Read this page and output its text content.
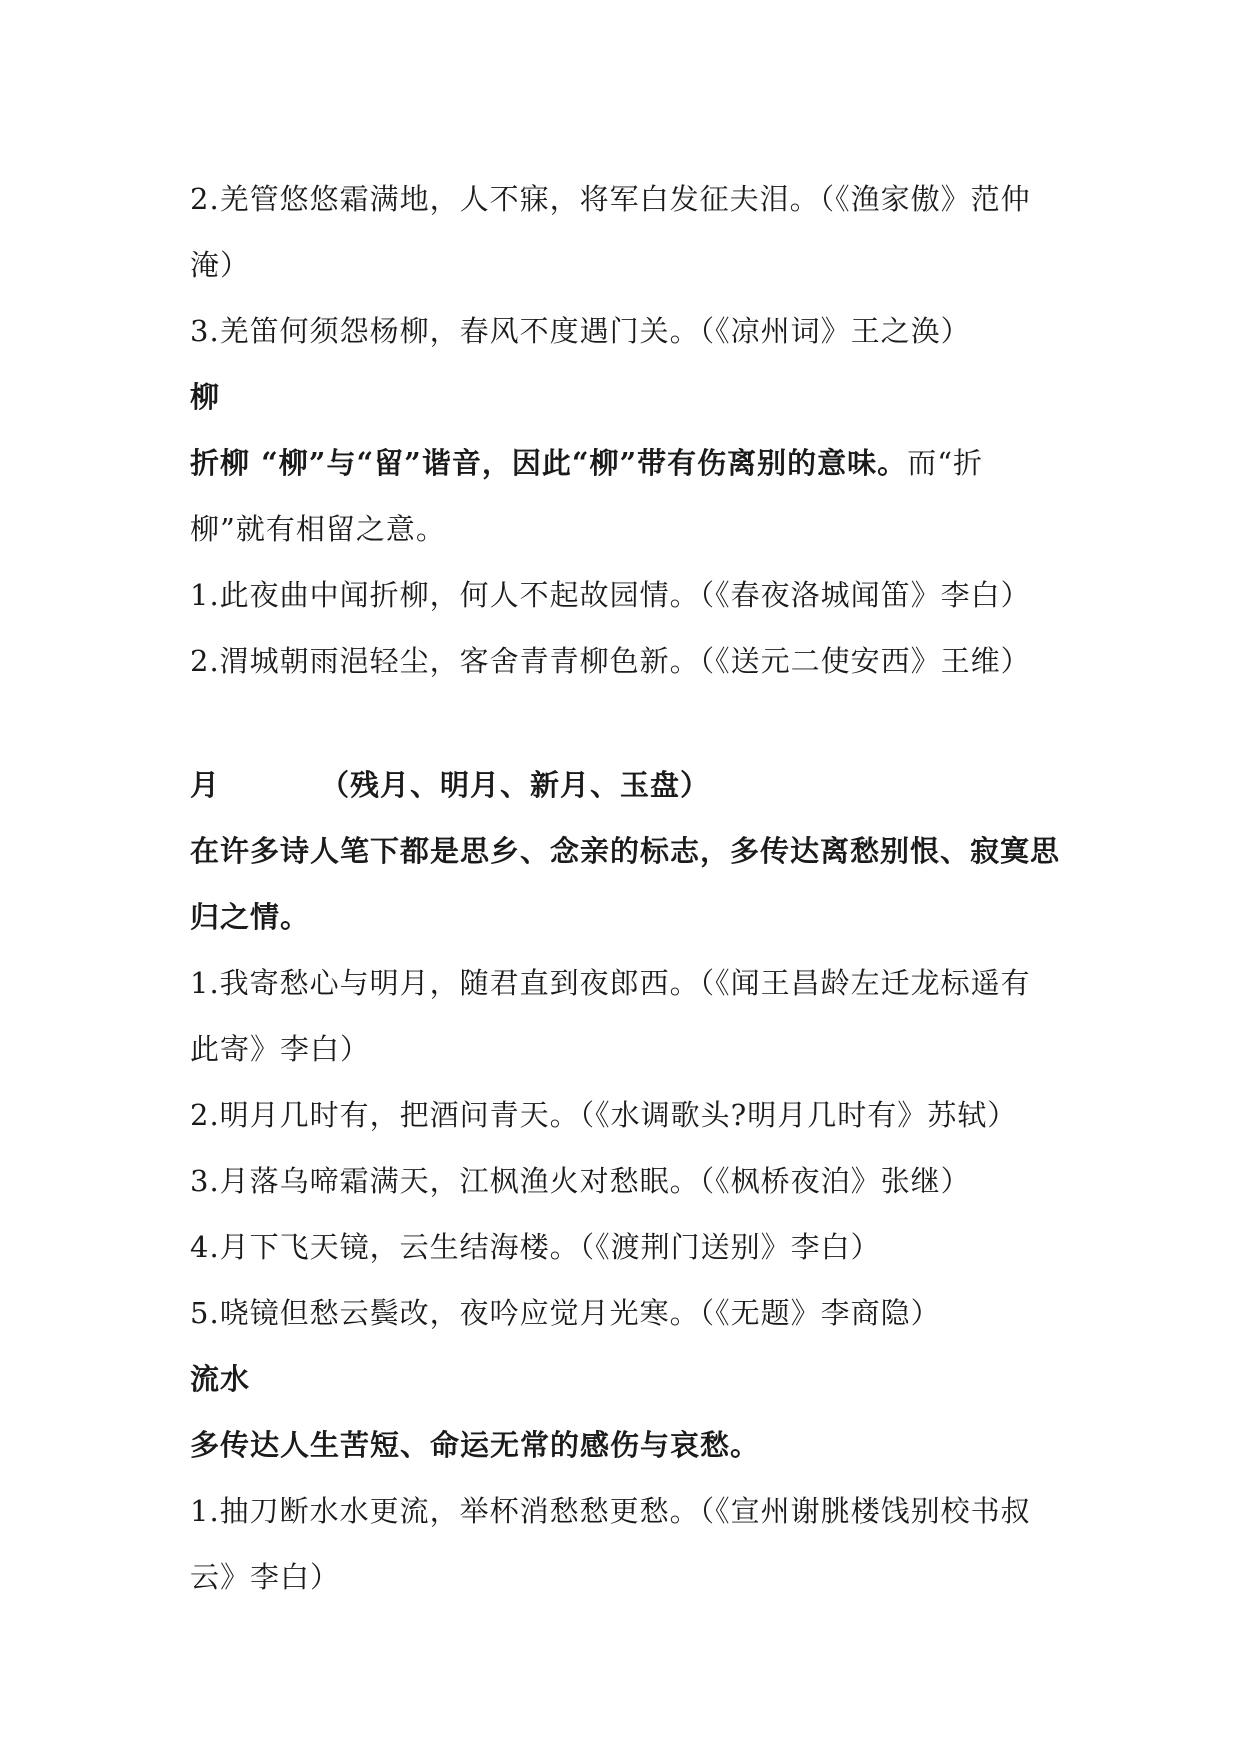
2.羌管悠悠霜满地，人不寐，将军白发征夫泪。（《渔家傲》范仲
淹）
3.羌笛何须怨杨柳，春风不度遇门关。（《凉州词》王之涣）
柳
折柳 “柳”与“留”谐音，因此“柳”带有伤离别的意味。而“折
柳”就有相留之意。
1.此夜曲中闻折柳，何人不起故园情。（《春夜洛城闻笛》李白）
2.渭城朝雨浥轻尘，客舍青青柳色新。（《送元二使安西》王维）
月	（残月、明月、新月、玉盘）
在许多诗人笔下都是思乡、念亲的标志，多传达离愁别恨、寂寞思
归之情。
1.我寄愁心与明月，随君直到夜郎西。（《闻王昌龄左迁龙标遥有
此寄》李白）
2.明月几时有，把酒问青天。（《水调歌头?明月几时有》苏轼）
3.月落乌啼霜满天，江枫渔火对愁眠。（《枫桥夜泊》张继）
4.月下飞天镜，云生结海楼。（《渡荆门送别》李白）
5.哓镜但愁云鬓改，夜吟应觉月光寒。（《无题》李商隐）
流水
多传达人生苦短、命运无常的感伤与哀愁。
1.抽刀断水水更流，举杯消愁愁更愁。（《宣州谢朓楼饯别校书叔
云》李白）
